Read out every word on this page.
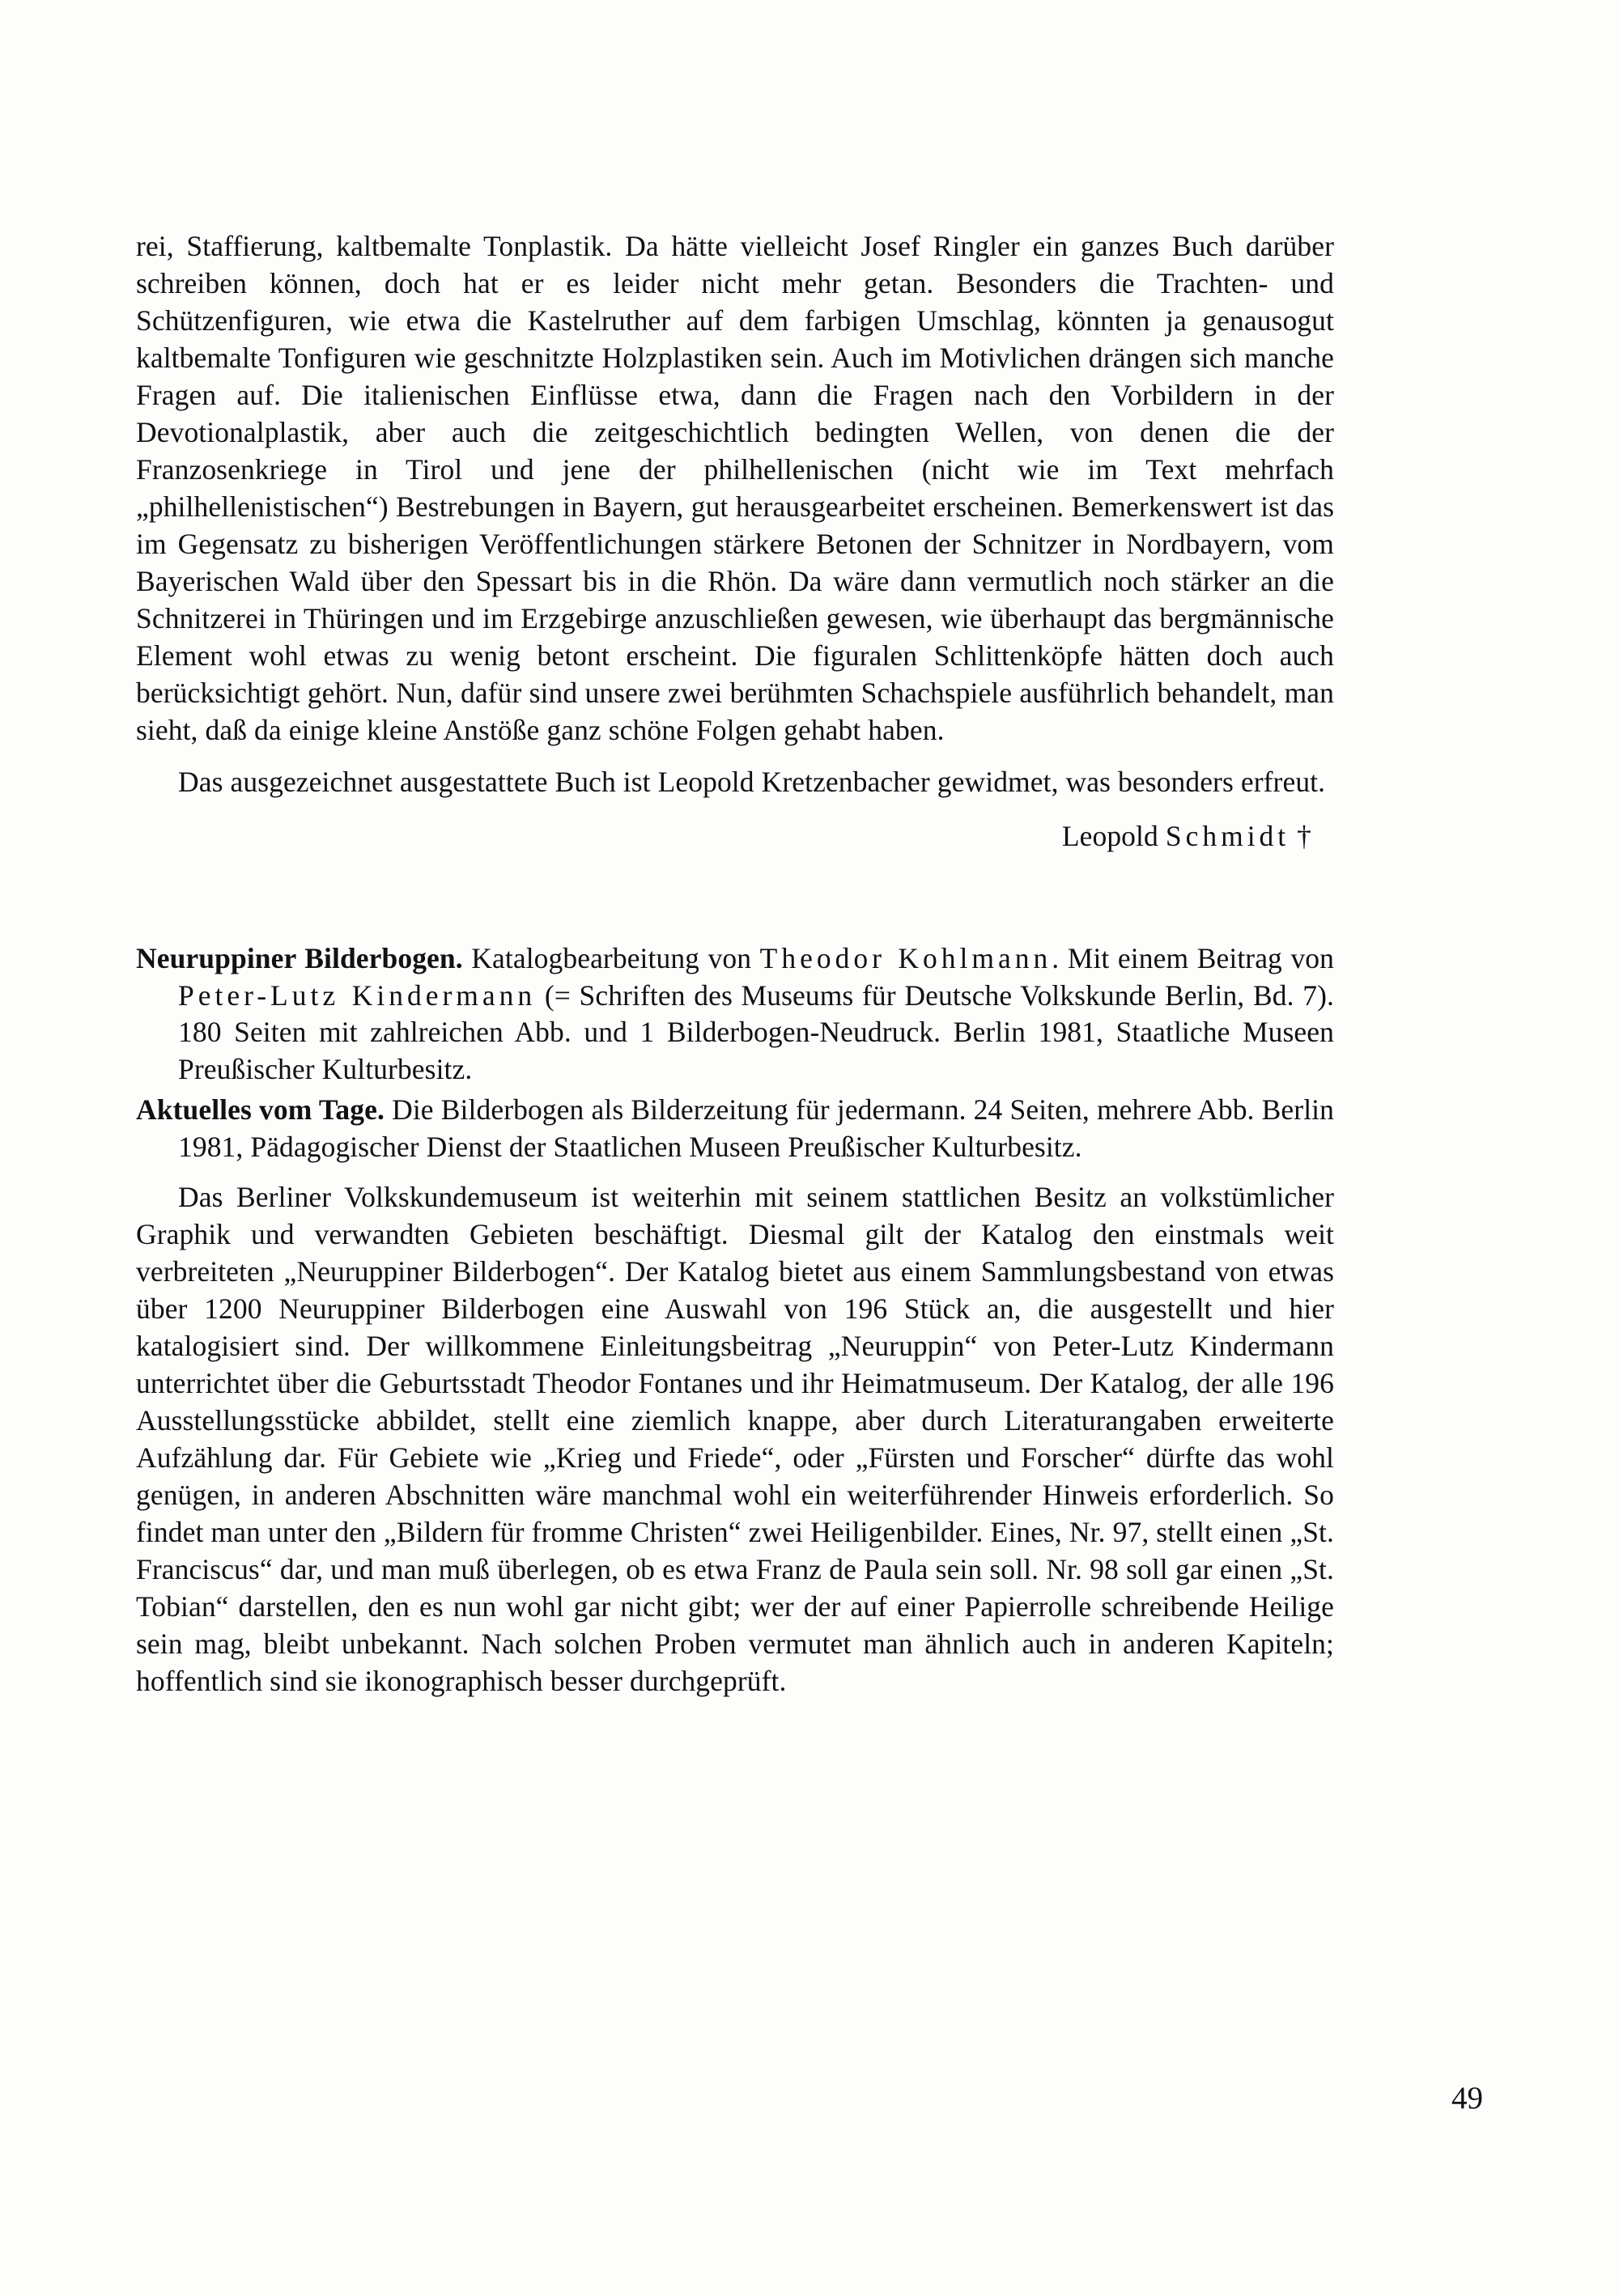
rei, Staffierung, kaltbemalte Tonplastik. Da hätte vielleicht Josef Ringler ein ganzes Buch darüber schreiben können, doch hat er es leider nicht mehr getan. Besonders die Trachten- und Schützenfiguren, wie etwa die Kastelruther auf dem farbigen Umschlag, könnten ja genausogut kaltbemalte Tonfiguren wie geschnitzte Holzplastiken sein. Auch im Motivlichen drängen sich manche Fragen auf. Die italienischen Einflüsse etwa, dann die Fragen nach den Vorbildern in der Devotionalplastik, aber auch die zeitgeschichtlich bedingten Wellen, von denen die der Franzosenkriege in Tirol und jene der philhellenischen (nicht wie im Text mehrfach „philhellenistischen“) Bestrebungen in Bayern, gut herausgearbeitet erscheinen. Bemerkenswert ist das im Gegensatz zu bisherigen Veröffentlichungen stärkere Betonen der Schnitzer in Nordbayern, vom Bayerischen Wald über den Spessart bis in die Rhön. Da wäre dann vermutlich noch stärker an die Schnitzerei in Thüringen und im Erzgebirge anzuschließen gewesen, wie überhaupt das bergmännische Element wohl etwas zu wenig betont erscheint. Die figuralen Schlittenköpfe hätten doch auch berücksichtigt gehört. Nun, dafür sind unsere zwei berühmten Schachspiele ausführlich behandelt, man sieht, daß da einige kleine Anstöße ganz schöne Folgen gehabt haben.

Das ausgezeichnet ausgestattete Buch ist Leopold Kretzenbacher gewidmet, was besonders erfreut.

Leopold Schmidt †

Neuruppiner Bilderbogen. Katalogbearbeitung von Theodor Kohlmann. Mit einem Beitrag von Peter-Lutz Kindermann (= Schriften des Museums für Deutsche Volkskunde Berlin, Bd. 7). 180 Seiten mit zahlreichen Abb. und 1 Bilderbogen-Neudruck. Berlin 1981, Staatliche Museen Preußischer Kulturbesitz.

Aktuelles vom Tage. Die Bilderbogen als Bilderzeitung für jedermann. 24 Seiten, mehrere Abb. Berlin 1981, Pädagogischer Dienst der Staatlichen Museen Preußischer Kulturbesitz.

Das Berliner Volkskundemuseum ist weiterhin mit seinem stattlichen Besitz an volkstümlicher Graphik und verwandten Gebieten beschäftigt. Diesmal gilt der Katalog den einstmals weit verbreiteten „Neuruppiner Bilderbogen“. Der Katalog bietet aus einem Sammlungsbestand von etwas über 1200 Neuruppiner Bilderbogen eine Auswahl von 196 Stück an, die ausgestellt und hier katalogisiert sind. Der willkommene Einleitungsbeitrag „Neuruppin“ von Peter-Lutz Kindermann unterrichtet über die Geburtsstadt Theodor Fontanes und ihr Heimatmuseum. Der Katalog, der alle 196 Ausstellungsstücke abbildet, stellt eine ziemlich knappe, aber durch Literaturangaben erweiterte Aufzählung dar. Für Gebiete wie „Krieg und Friede“, oder „Fürsten und Forscher“ dürfte das wohl genügen, in anderen Abschnitten wäre manchmal wohl ein weiterführender Hinweis erforderlich. So findet man unter den „Bildern für fromme Christen“ zwei Heiligenbilder. Eines, Nr. 97, stellt einen „St. Franciscus“ dar, und man muß überlegen, ob es etwa Franz de Paula sein soll. Nr. 98 soll gar einen „St. Tobian“ darstellen, den es nun wohl gar nicht gibt; wer der auf einer Papierrolle schreibende Heilige sein mag, bleibt unbekannt. Nach solchen Proben vermutet man ähnlich auch in anderen Kapiteln; hoffentlich sind sie ikonographisch besser durchgeprüft.

49
